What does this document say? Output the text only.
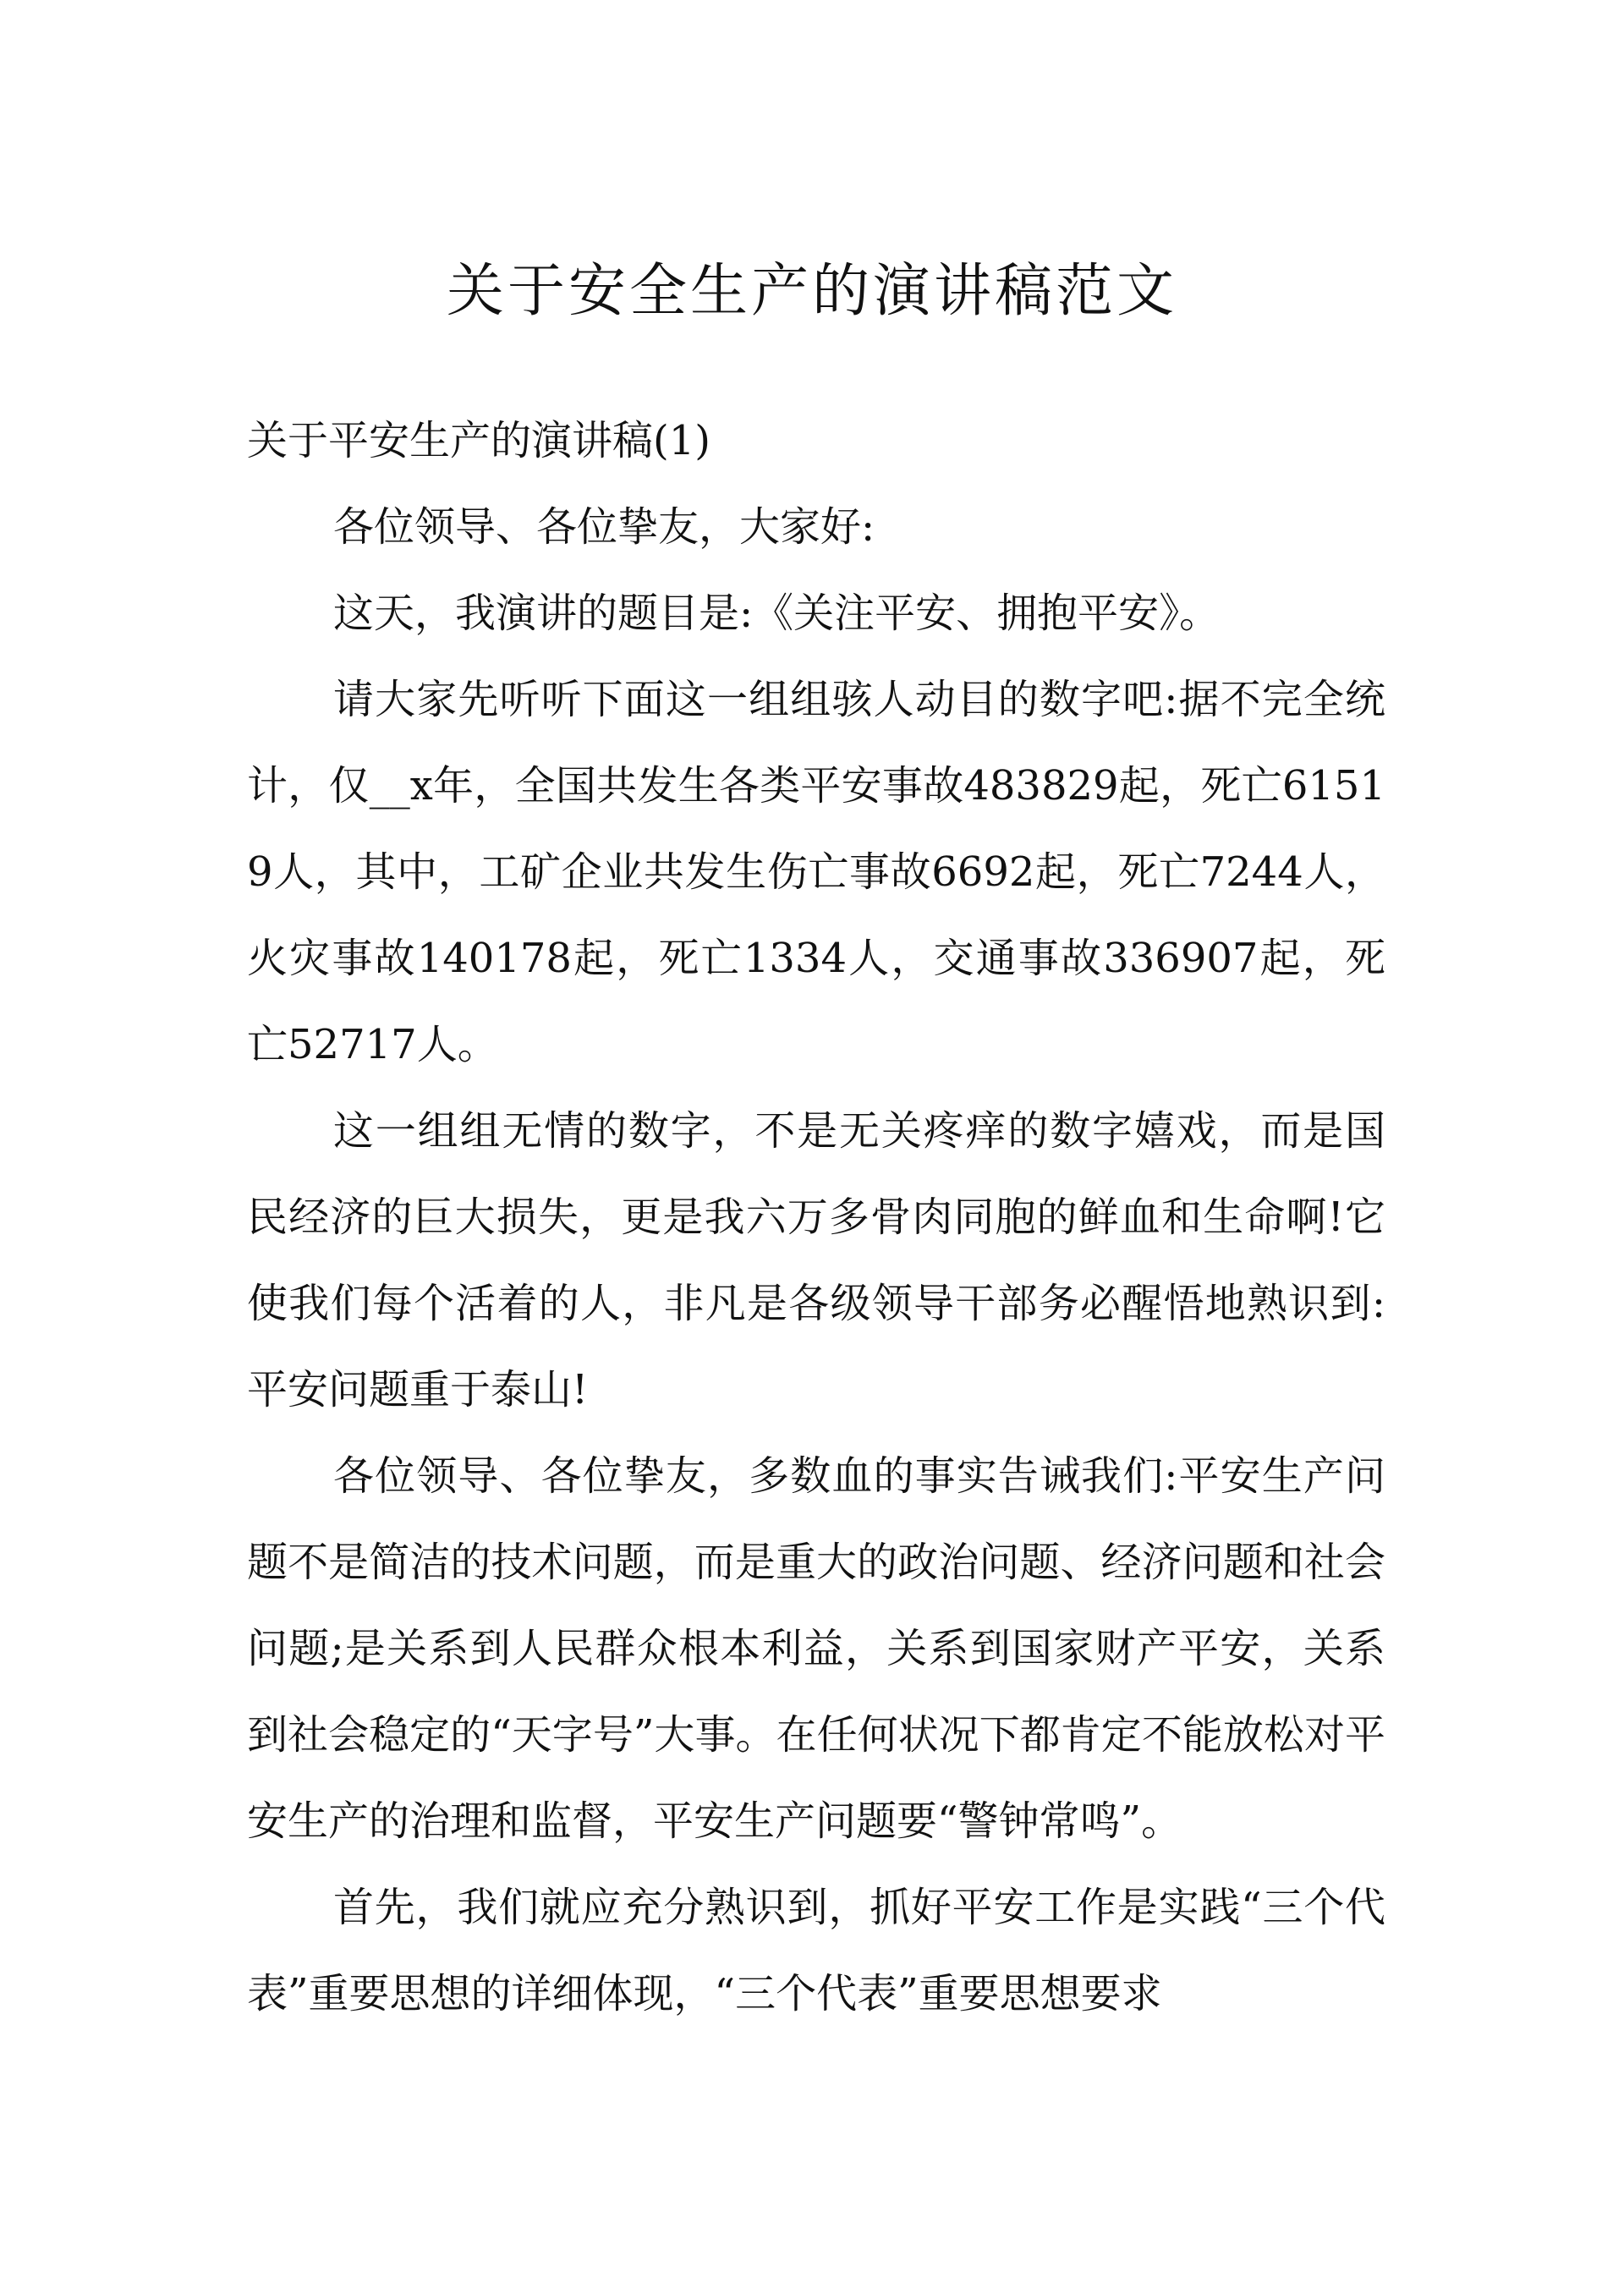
关于安全生产的演讲稿范文

关于平安生产的演讲稿(1)

各位领导、各位挚友，大家好:

这天，我演讲的题目是:《关注平安、拥抱平安》。

请大家先听听下面这一组组骇人动目的数字吧:据不完全统计，仅__x年，全国共发生各类平安事故483829起，死亡61519人，其中，工矿企业共发生伤亡事故6692起，死亡7244人，火灾事故140178起，死亡1334人，交通事故336907起，死亡52717人。

这一组组无情的数字，不是无关疼痒的数字嬉戏，而是国民经济的巨大损失，更是我六万多骨肉同胞的鲜血和生命啊!它使我们每个活着的人，非凡是各级领导干部务必醒悟地熟识到:平安问题重于泰山!

各位领导、各位挚友，多数血的事实告诫我们:平安生产问题不是简洁的技术问题，而是重大的政治问题、经济问题和社会问题;是关系到人民群众根本利益，关系到国家财产平安，关系到社会稳定的“天字号”大事。在任何状况下都肯定不能放松对平安生产的治理和监督，平安生产问题要“警钟常鸣”。

首先，我们就应充分熟识到，抓好平安工作是实践“三个代表”重要思想的详细体现，“三个代表”重要思想要求
